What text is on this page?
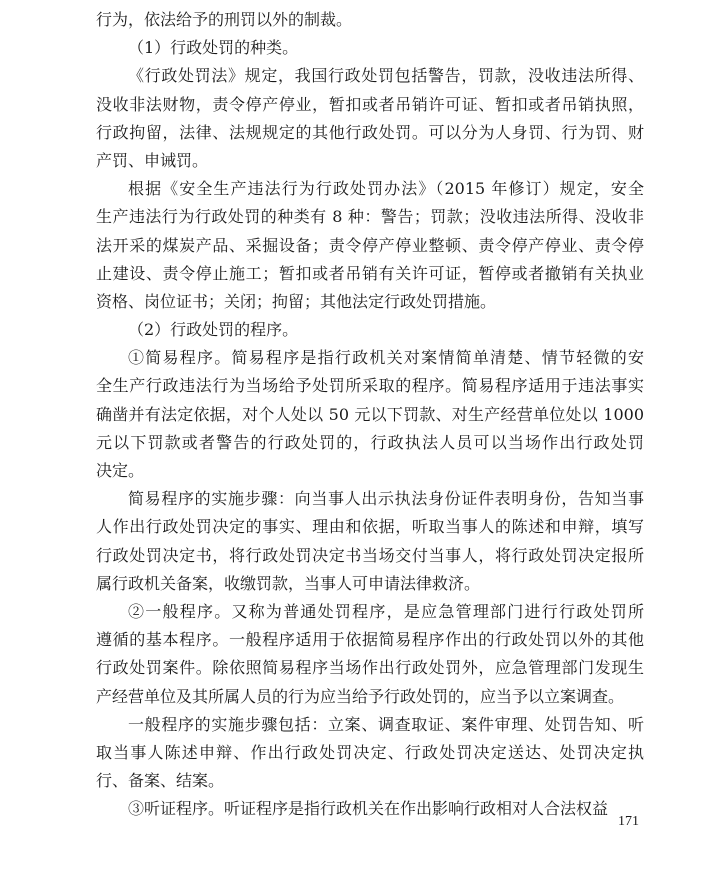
行为，依法给予的刑罚以外的制裁。
（1）行政处罚的种类。
《行政处罚法》规定，我国行政处罚包括警告，罚款，没收违法所得、
没收非法财物，责令停产停业，暂扣或者吊销许可证、暂扣或者吊销执照，
行政拘留，法律、法规规定的其他行政处罚。可以分为人身罚、行为罚、财
产罚、申诫罚。
根据《安全生产违法行为行政处罚办法》（2015 年修订）规定，安全
生产违法行为行政处罚的种类有 8 种：警告；罚款；没收违法所得、没收非
法开采的煤炭产品、采掘设备；责令停产停业整顿、责令停产停业、责令停
止建设、责令停止施工；暂扣或者吊销有关许可证，暂停或者撤销有关执业
资格、岗位证书；关闭；拘留；其他法定行政处罚措施。
（2）行政处罚的程序。
①简易程序。简易程序是指行政机关对案情简单清楚、情节轻微的安
全生产行政违法行为当场给予处罚所采取的程序。简易程序适用于违法事实
确凿并有法定依据，对个人处以 50 元以下罚款、对生产经营单位处以 1000
元以下罚款或者警告的行政处罚的，行政执法人员可以当场作出行政处罚
决定。
简易程序的实施步骤：向当事人出示执法身份证件表明身份，告知当事
人作出行政处罚决定的事实、理由和依据，听取当事人的陈述和申辩，填写
行政处罚决定书，将行政处罚决定书当场交付当事人，将行政处罚决定报所
属行政机关备案，收缴罚款，当事人可申请法律救济。
②一般程序。又称为普通处罚程序，是应急管理部门进行行政处罚所
遵循的基本程序。一般程序适用于依据简易程序作出的行政处罚以外的其他
行政处罚案件。除依照简易程序当场作出行政处罚外，应急管理部门发现生
产经营单位及其所属人员的行为应当给予行政处罚的，应当予以立案调查。
一般程序的实施步骤包括：立案、调查取证、案件审理、处罚告知、听
取当事人陈述申辩、作出行政处罚决定、行政处罚决定送达、处罚决定执
行、备案、结案。
③听证程序。听证程序是指行政机关在作出影响行政相对人合法权益
171
